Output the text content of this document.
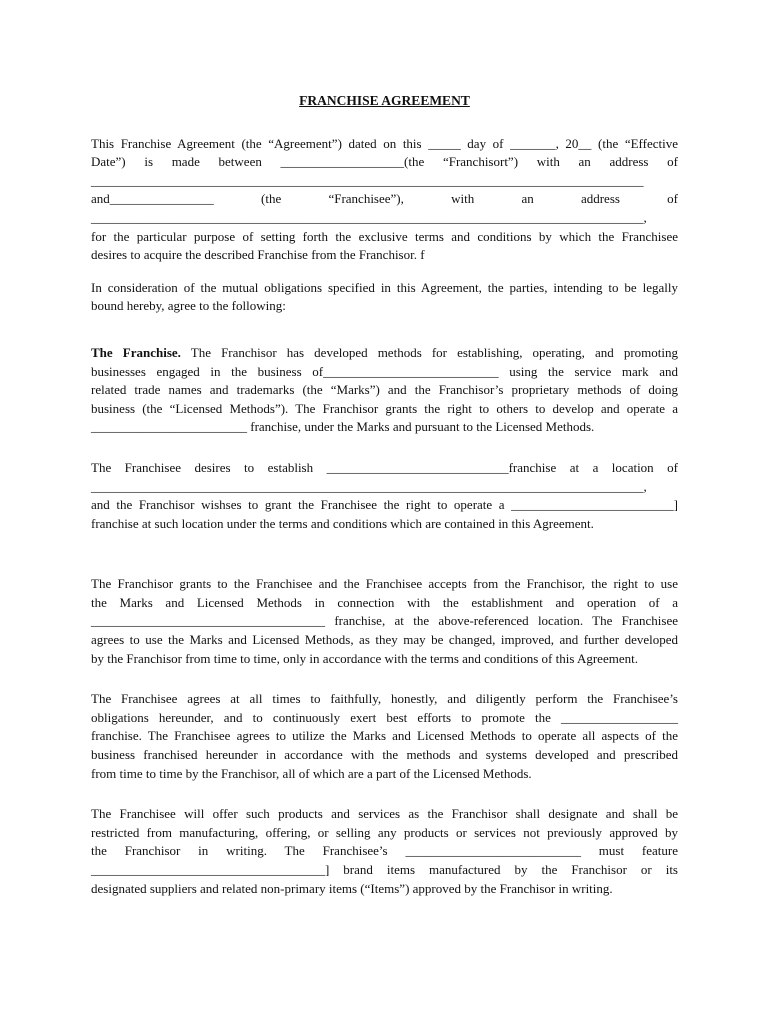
FRANCHISE AGREEMENT
This Franchise Agreement (the “Agreement”) dated on this _____ day of _______, 20__ (the “Effective
Date”) is made between ___________________(the “Franchisort”) with an address of
_____________________________________________________________________________________
and________________ (the “Franchisee”), with an address of
_____________________________________________________________________________________,
for the particular purpose of setting forth the exclusive terms and conditions by which the Franchisee
desires to acquire the described Franchise from the Franchisor. f
In consideration of the mutual obligations specified in this Agreement, the parties, intending to be legally
bound hereby, agree to the following:
The Franchise. The Franchisor has developed methods for establishing, operating, and promoting
businesses engaged in the business of___________________________ using the service mark and
related trade names and trademarks (the “Marks”) and the Franchisor’s proprietary methods of doing
business (the “Licensed Methods”). The Franchisor grants the right to others to develop and operate a
________________________ franchise, under the Marks and pursuant to the Licensed Methods.
The Franchisee desires to establish ____________________________franchise at a location of
_____________________________________________________________________________________,
and the Franchisor wishses to grant the Franchisee the right to operate a _________________________]
franchise at such location under the terms and conditions which are contained in this Agreement.
The Franchisor grants to the Franchisee and the Franchisee accepts from the Franchisor, the right to use
the Marks and Licensed Methods in connection with the establishment and operation of a
____________________________________ franchise, at the above-referenced location. The Franchisee
agrees to use the Marks and Licensed Methods, as they may be changed, improved, and further developed
by the Franchisor from time to time, only in accordance with the terms and conditions of this Agreement.
The Franchisee agrees at all times to faithfully, honestly, and diligently perform the Franchisee’s
obligations hereunder, and to continuously exert best efforts to promote the __________________
franchise. The Franchisee agrees to utilize the Marks and Licensed Methods to operate all aspects of the
business franchised hereunder in accordance with the methods and systems developed and prescribed
from time to time by the Franchisor, all of which are a part of the Licensed Methods.
The Franchisee will offer such products and services as the Franchisor shall designate and shall be
restricted from manufacturing, offering, or selling any products or services not previously approved by
the Franchisor in writing. The Franchisee’s ___________________________ must feature
____________________________________] brand items manufactured by the Franchisor or its
designated suppliers and related non-primary items (“Items”) approved by the Franchisor in writing.
